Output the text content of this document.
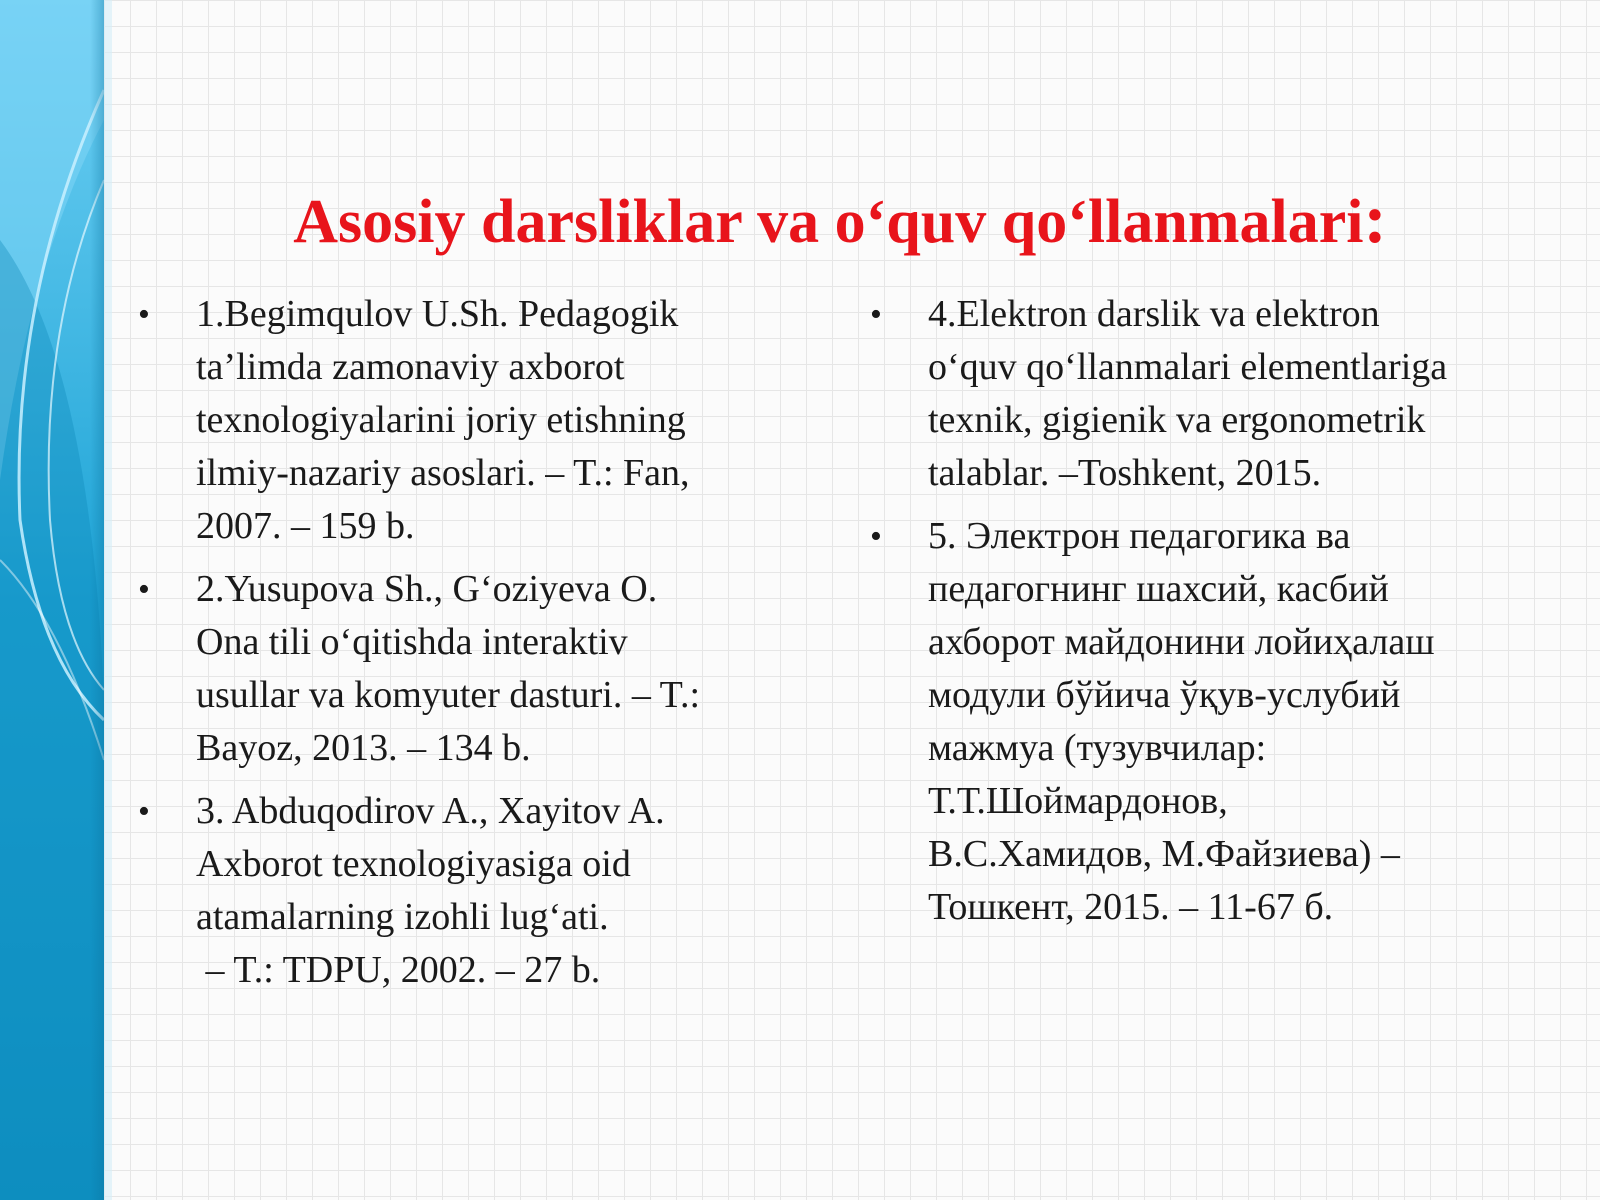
Asosiy darsliklar va o‘quv qo‘llanmalari:
• 1.Begimqulov U.Sh. Pedagogik
ta’limda zamonaviy axborot
texnologiyalarini joriy etishning
ilmiy-nazariy asoslari. – T.: Fan,
2007. – 159 b.
• 2.Yusupova Sh., G‘oziyeva O.
Ona tili o‘qitishda interaktiv
usullar va komyuter dasturi. – T.:
Bayoz, 2013. – 134 b.
• 3. Abduqodirov A., Xayitov A.
Axborot texnologiyasiga oid
atamalarning izohli lug‘ati.
– T.: TDPU, 2002. – 27 b.
• 4.Elektron darslik va elektron
o‘quv qo‘llanmalari elementlariga
texnik, gigienik va ergonometrik
talablar. –Toshkent, 2015.
• 5. Электрон педагогика ва
педагогнинг шахсий, касбий
ахборот майдонини лойиҳалаш
модули бўйича ўқув-услубий
мажмуа (тузувчилар:
Т.Т.Шоймардонов,
В.С.Хамидов, М.Файзиева) –
Тошкент, 2015. – 11-67 б.
